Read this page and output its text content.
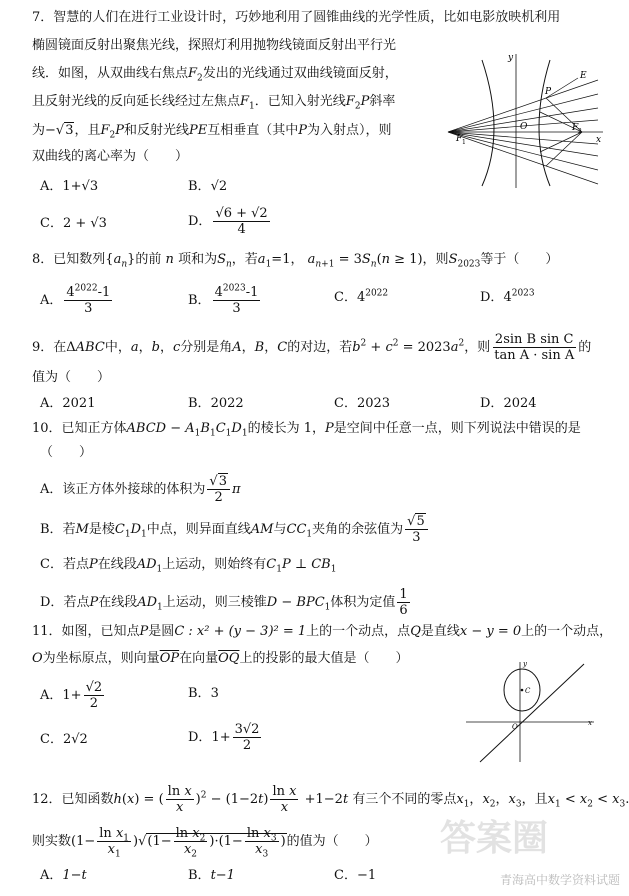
7．智慧的人们在进行工业设计时，巧妙地利用了圆锥曲线的光学性质，比如电影放映机利用
椭圆镜面反射出聚焦光线，探照灯利用抛物线镜面反射出平行光
线．如图，从双曲线右焦点$F_2$发出的光线通过双曲线镜面反射，
且反射光线的反向延长线经过左焦点$F_1$．已知入射光线$F_2P$斜率
为−√3，且$F_2P$和反射光线PE互相垂直（其中P为入射点），则
双曲线的离心率为（　　）
A．1+√3	B．√2
C．2 + √3	D． $\frac{√6 + √2}{4}$
y
x
E
P
O
F 1
F 2
8．已知数列$\{a_n\}$的前 n 项和为$S_n$，若$a_1=1$， $a_{n+1} = 3S_n(n \ge 1)$，则$S_{2023}$等于（　　）
A． $\frac{4^{2022}-1}{3}$	B． $\frac{4^{2023}-1}{3}$	C．$4^{2022}$	D．$4^{2023}$
9．在ΔABC中，a，b，c分别是角A，B，C的对边，若$b^2 + c^2 = 2023a^2$，则 $\frac{\text{2sin B sin C}}{\text{tan A · sin A}}$ 的
值为（　　）
A．2021	B．2022	C．2023	D．2024
10．已知正方体ABCD − $A_1B_1C_1D_1$的棱长为 1，P是空间中任意一点，则下列说法中错误的是
（　　）
A．该正方体外接球的体积为 $\frac{√3}{2}$ π
B．若M是棱$C_1D_1$中点，则异面直线AM与$CC_1$夹角的余弦值为 $\frac{√5}{3}$
C．若点P在线段$AD_1$上运动，则始终有$C_1P$ ⊥ $CB_1$
D．若点P在线段$AD_1$上运动，则三棱锥$D - BPC_1$体积为定值 $\frac{1}{6}$
11．如图，已知点P是圆C : x² + (y − 3)² = 1上的一个动点，点Q是直线x − y = 0上的一个动点，
O为坐标原点，则向量$\overline{OP}$在向量$\overline{OQ}$上的投影的最大值是（　　）
A．$1+ \frac{√2}{2}$	B．3
C．2√2	D．$1+ \frac{3√2}{2}$
y
x
C
O
12．已知函数h(x) = ( $\frac{\text{ln x}}{x} )^2 - (1-2t) \frac{\text{ln x}}{x} +1-2t$ 有三个不同的零点$x_1$，$x_2$，$x_3$，且$x_1 < x_2 < x_3$.
则实数$(1- \frac{\ln x_1}{x_1} )√(1- \frac{\ln x_2}{x_2} )\cdot(1- \frac{\ln x_3}{x_3}$ )的值为（　　）
A．1−t	B．t−1	C．−1
答案圈
青海高中数学资料试题
